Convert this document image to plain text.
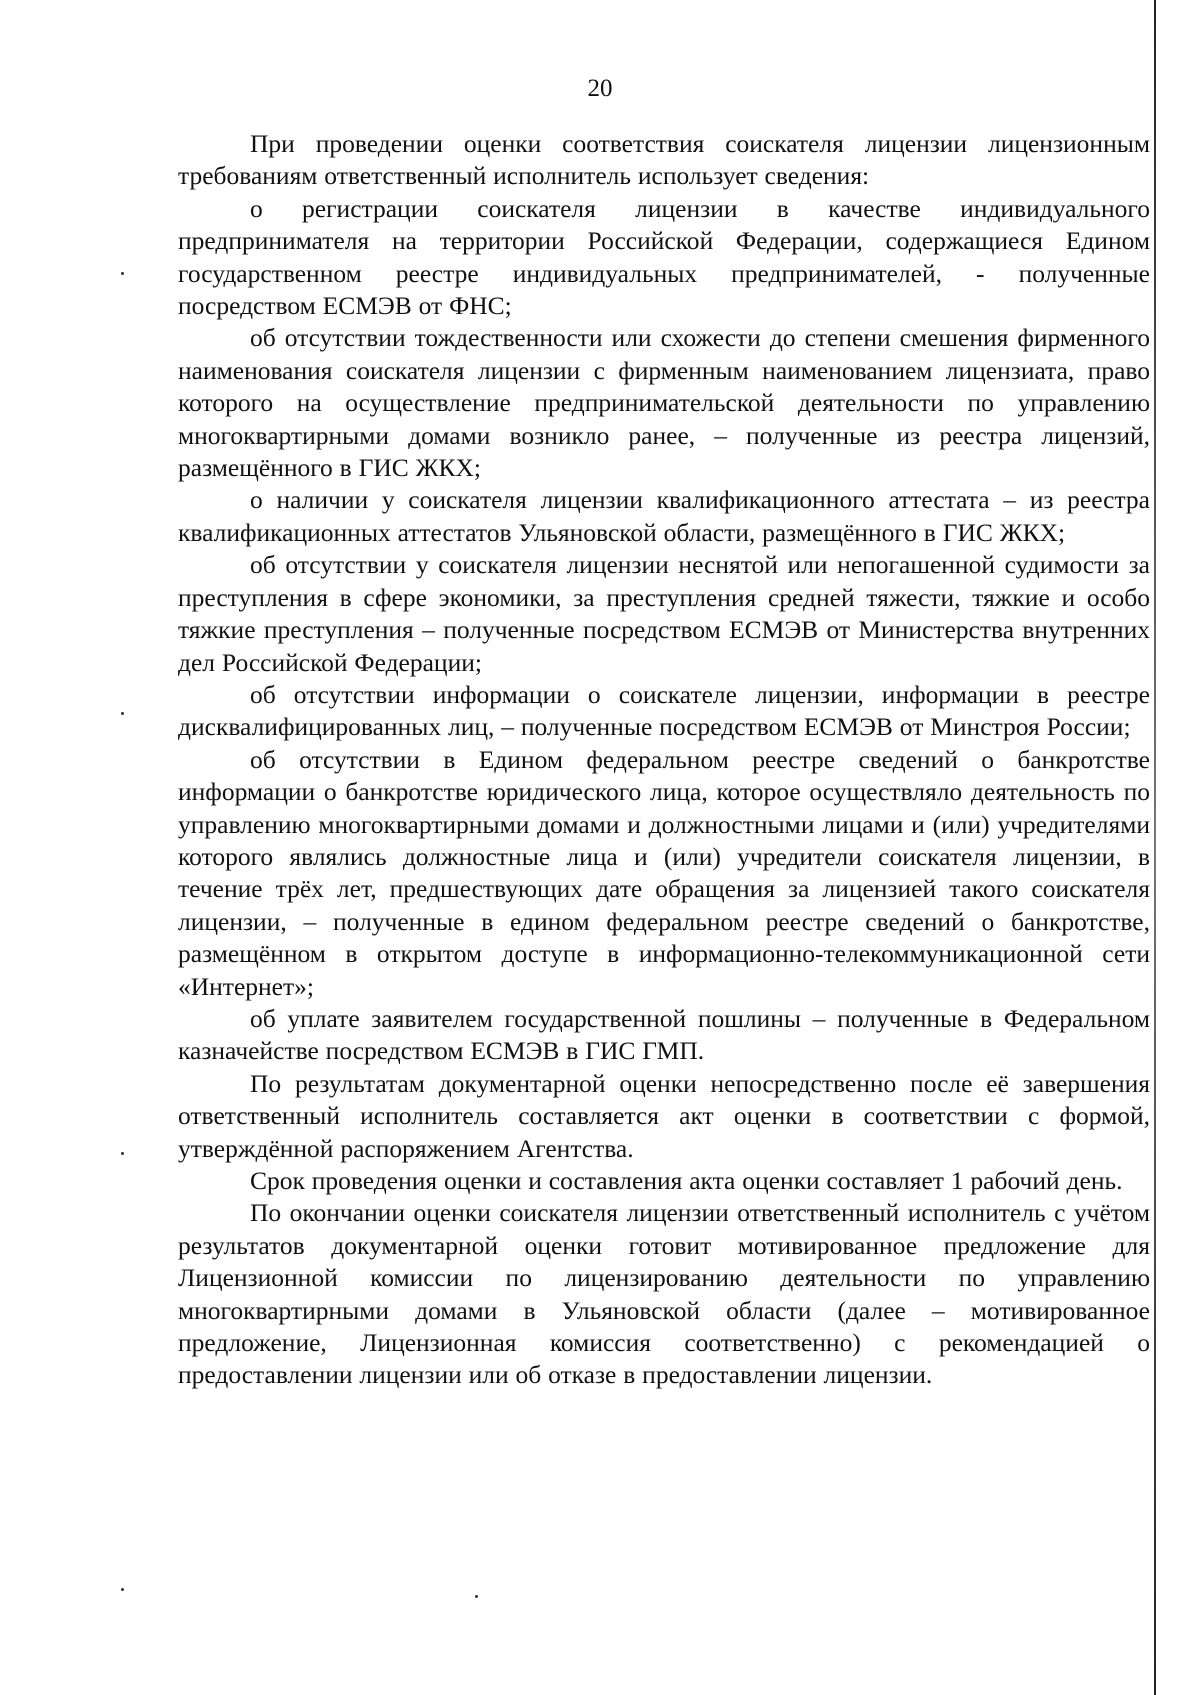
20

При проведении оценки соответствия соискателя лицензии лицензионным требованиям ответственный исполнитель использует сведения:

о регистрации соискателя лицензии в качестве индивидуального предпринимателя на территории Российской Федерации, содержащиеся Едином государственном реестре индивидуальных предпринимателей, - полученные посредством ЕСМЭВ от ФНС;

об отсутствии тождественности или схожести до степени смешения фирменного наименования соискателя лицензии с фирменным наименованием лицензиата, право которого на осуществление предпринимательской деятельности по управлению многоквартирными домами возникло ранее, – полученные из реестра лицензий, размещённого в ГИС ЖКХ;

о наличии у соискателя лицензии квалификационного аттестата – из реестра квалификационных аттестатов Ульяновской области, размещённого в ГИС ЖКХ;

об отсутствии у соискателя лицензии неснятой или непогашенной судимости за преступления в сфере экономики, за преступления средней тяжести, тяжкие и особо тяжкие преступления – полученные посредством ЕСМЭВ от Министерства внутренних дел Российской Федерации;

об отсутствии информации о соискателе лицензии, информации в реестре дисквалифицированных лиц, – полученные посредством ЕСМЭВ от Минстроя России;

об отсутствии в Едином федеральном реестре сведений о банкротстве информации о банкротстве юридического лица, которое осуществляло деятельность по управлению многоквартирными домами и должностными лицами и (или) учредителями которого являлись должностные лица и (или) учредители соискателя лицензии, в течение трёх лет, предшествующих дате обращения за лицензией такого соискателя лицензии, – полученные в едином федеральном реестре сведений о банкротстве, размещённом в открытом доступе в информационно-телекоммуникационной сети «Интернет»;

об уплате заявителем государственной пошлины – полученные в Федеральном казначействе посредством ЕСМЭВ в ГИС ГМП.

По результатам документарной оценки непосредственно после её завершения ответственный исполнитель составляется акт оценки в соответствии с формой, утверждённой распоряжением Агентства.

Срок проведения оценки и составления акта оценки составляет 1 рабочий день.

По окончании оценки соискателя лицензии ответственный исполнитель с учётом результатов документарной оценки готовит мотивированное предложение для Лицензионной комиссии по лицензированию деятельности по управлению многоквартирными домами в Ульяновской области (далее – мотивированное предложение, Лицензионная комиссия соответственно) с рекомендацией о предоставлении лицензии или об отказе в предоставлении лицензии.
